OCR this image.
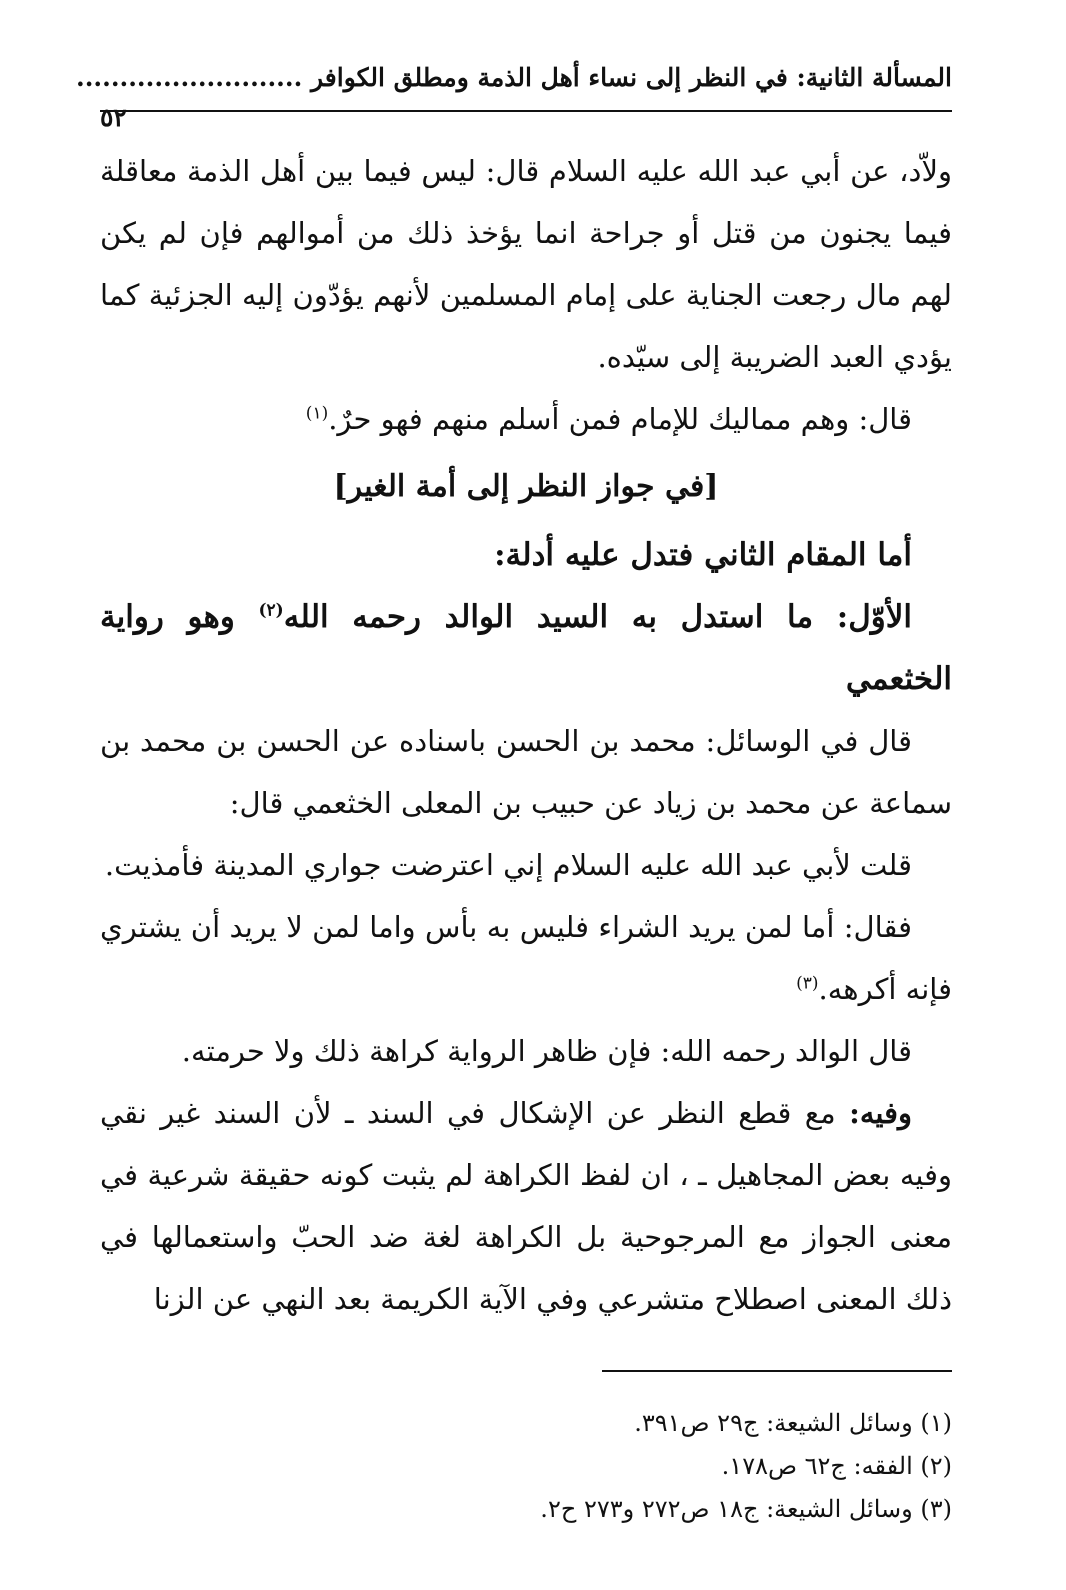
المسألة الثانية: في النظر إلى نساء أهل الذمة ومطلق الكوافر ..........................
٥٢

ولاّد، عن أبي عبد الله عليه السلام قال: ليس فيما بين أهل الذمة معاقلة فيما يجنون من قتل أو جراحة انما يؤخذ ذلك من أموالهم فإن لم يكن لهم مال رجعت الجناية على إمام المسلمين لأنهم يؤدّون إليه الجزئية كما يؤدي العبد الضريبة إلى سيّده.

قال: وهم مماليك للإمام فمن أسلم منهم فهو حرٌ.$^{(١)}$

[في جواز النظر إلى أمة الغير]

أما المقام الثاني فتدل عليه أدلة:

الأوّل: ما استدل به السيد الوالد رحمه الله$^{(٢)}$ وهو رواية الخثعمي

قال في الوسائل: محمد بن الحسن باسناده عن الحسن بن محمد بن سماعة عن محمد بن زياد عن حبيب بن المعلى الخثعمي قال:

قلت لأبي عبد الله عليه السلام إني اعترضت جواري المدينة فأمذيت.

فقال: أما لمن يريد الشراء فليس به بأس واما لمن لا يريد أن يشتري فإنه أكرهه.$^{(٣)}$

قال الوالد رحمه الله: فإن ظاهر الرواية كراهة ذلك ولا حرمته.

وفيه: مع قطع النظر عن الإشكال في السند ـ لأن السند غير نقي وفيه بعض المجاهيل ـ ، ان لفظ الكراهة لم يثبت كونه حقيقة شرعية في معنى الجواز مع المرجوحية بل الكراهة لغة ضد الحبّ واستعمالها في ذلك المعنى اصطلاح متشرعي وفي الآية الكريمة بعد النهي عن الزنا

(١) وسائل الشيعة: ج٢٩ ص٣٩١.

(٢) الفقه: ج٦٢ ص١٧٨.

(٣) وسائل الشيعة: ج١٨ ص٢٧٢ و٢٧٣ ح٢.
